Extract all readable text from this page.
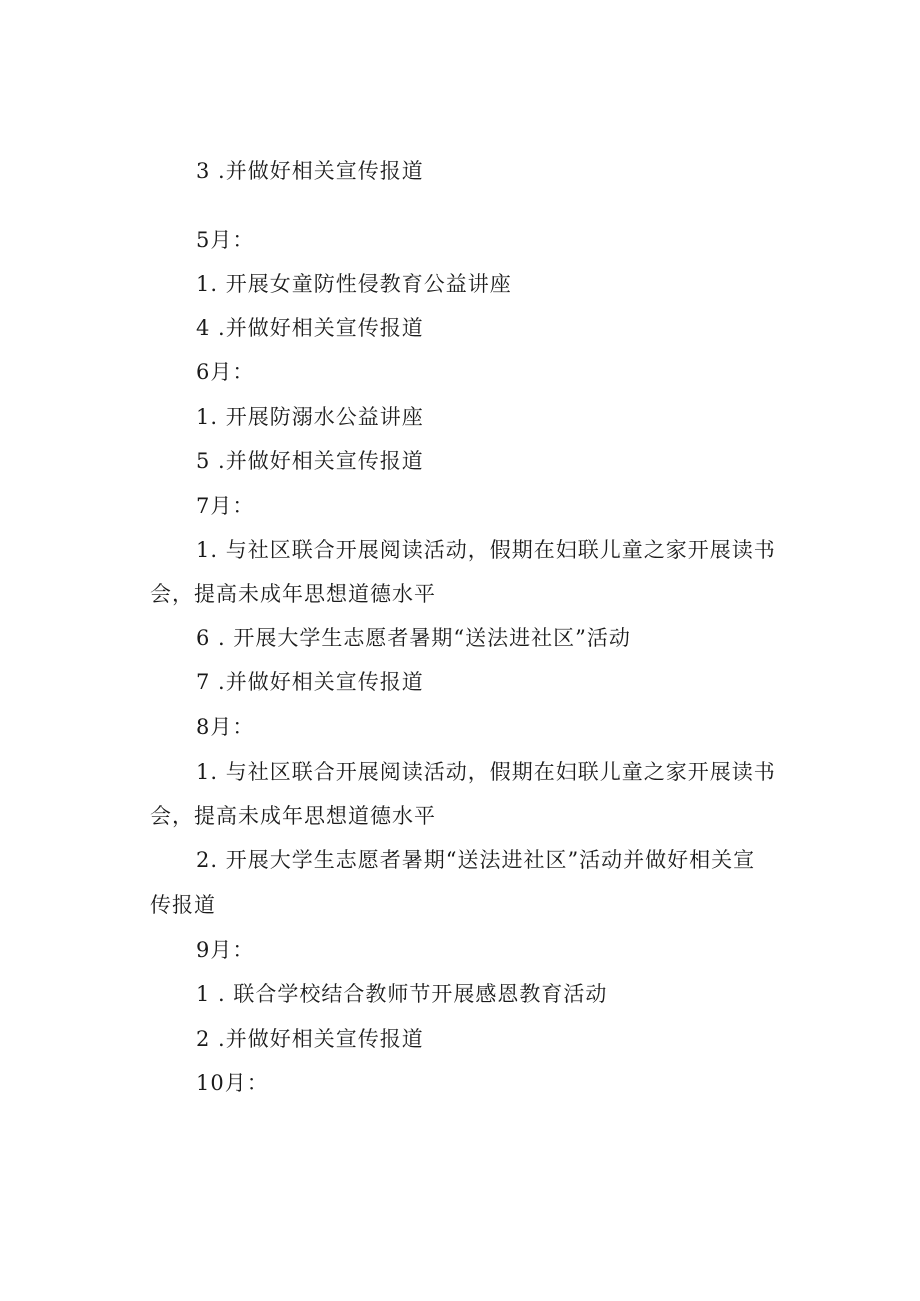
3 .并做好相关宣传报道
5月：
1. 开展女童防性侵教育公益讲座
4 .并做好相关宣传报道
6月：
1. 开展防溺水公益讲座
5 .并做好相关宣传报道
7月：
1. 与社区联合开展阅读活动，假期在妇联儿童之家开展读书
会，提高未成年思想道德水平
6 . 开展大学生志愿者暑期“送法进社区”活动
7 .并做好相关宣传报道
8月：
1. 与社区联合开展阅读活动，假期在妇联儿童之家开展读书
会，提高未成年思想道德水平
2. 开展大学生志愿者暑期“送法进社区”活动并做好相关宣
传报道
9月：
1 . 联合学校结合教师节开展感恩教育活动
2 .并做好相关宣传报道
10月：
